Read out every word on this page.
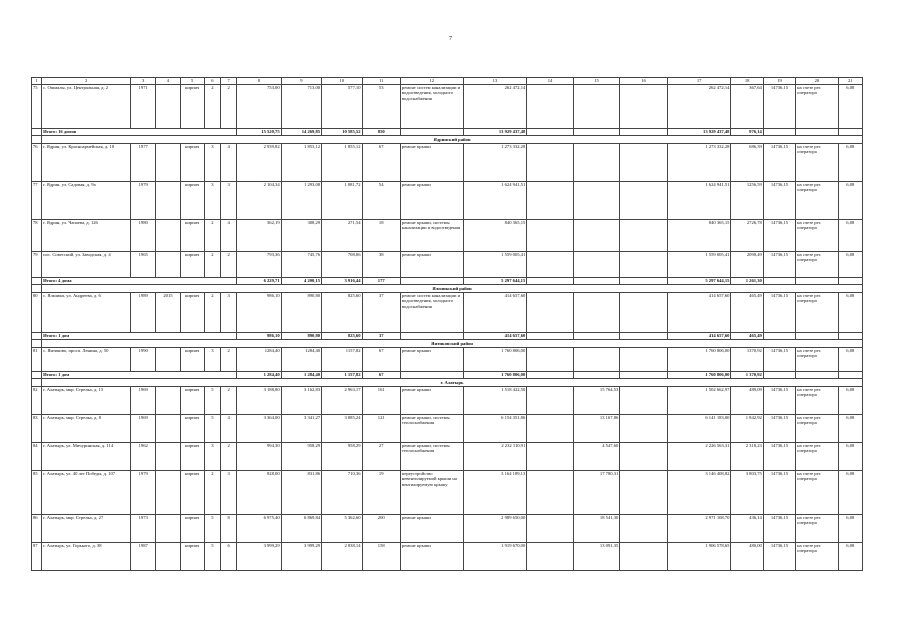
7
1	2	3	4	5	6	7	8	9	10	11	12	13	14	15	16	17	18	19	20	21
75	с. Ошмалы, ул. Центральная, д. 2	1971		кирпич	2	2	753,00	713,00	577,10	53	ремонт систем канализации и водоотведения, холодного водоснабжения	262 472,14				262 472,14	367,64	14736,15	на счете рег. оператора	6,08
	Итого: 16 домов						15 520,75	14 269,85	10 585,52	850		13 929 437,48				13 929 437,48	976,14			
	Ядринский район																			
76	г. Ядрин, ул. Красноармейская, д. 10	1977		кирпич	3	4	2 939,82	1 853,12	1 855,12	67	ремонт крыши	1 273 332,28				1 273 332,28	686,39	14736,15	на счете рег. оператора	6,08
77	г. Ядрин, ул. Садовая, д. 9а	1979		кирпич	3	3	2 104,34	1 293,08	1 081,72	54	ремонт крыши	1 624 941,51				1 624 941,51	1256,59	14736,15	на счете рег. оператора	6,08
78	г. Ядрин, ул. Чапаева, д. 126	1980		кирпич	2	4	362,19	308,29	271,54	18	ремонт крыши, системы канализации и водоотведения	840 365,15				840 365,15	2726,78	14736,15	на счете рег. оператора	6,08
79	пос. Советский, ул. Заводская, д. 4	1965		кирпич	2	2	793,36	745,76	708,06	38	ремонт крыши	1 559 005,41				1 559 005,41	2090,49	14736,15	на счете рег. оператора	6,08
	Итого: 4 дома						6 229,71	4 200,15	3 916,44	177		5 297 644,15				5 297 644,15	1 261,30			
	Яльчикский район																			
80	с. Яльчики, ул. Андреева, д. 6	1989	2015	кирпич	2	3	986,10	890,80	825,60	37	ремонт систем канализации и водоотведения, холодного водоснабжения	414 657,60				414 657,60	465,49	14736,15	на счете рег. оператора	6,08
	Итого: 1 дом						986,10	890,80	825,60	37		414 657,60				414 657,60	465,49			
	Янтиковский район																			
81	с. Янтиково, просп. Ленина, д. 50	1990		кирпич	3	2	1284,40	1284,40	1157,82	67	ремонт крыши	1 760 806,00				1 760 806,00	1370,92	14736,15	на счете рег. оператора	6,08
	Итого: 1 дом						1 284,40	1 284,40	1 157,82	67		1 760 806,00				1 760 806,00	1 370,92			
	г. Алатырь																			
82	г. Алатырь, мкр. Стрелка, д. 15	1969		кирпич	5	2	3 188,80	3 162,83	2 963,17	161	ремонт крыши	1 518 422,50		15 764,53		1 502 662,97	489,09	14736,15	на счете рег. оператора	6,08
83	г. Алатырь, мкр. Стрелка, д. 8	1969		кирпич	5	4	3 364,00	3 341,27	3 085,24	121	ремонт крыши, системы теплоснабжения	6 154 351,86		13 167,86		6 141 183,00	1 842,92	14736,15	на счете рег. оператора	6,08
84	г. Алатырь, ул. Мичуринская, д. 114	1962		кирпич	3	2	994,30	958,29	958,29	27	ремонт крыши, системы теплоснабжения	2 232 110,91		4 547,60		2 226 563,31	2 318,23	14736,15	на счете рег. оператора	6,08
85	г. Алатырь, ул. 40 лет Победы, д. 107	1979		кирпич	2	3	828,00	831,86	710,36	19	переустройство невентилируемой крыши на вентилируемую крышу	3 164 189,13		17 780,31		3 146 408,82	3 803,75	14736,15	на счете рег. оператора	6,08
86	г. Алатырь, мкр. Стрелка, д. 27	1973		кирпич	5	8	6 975,40	6 869,84	5 362,60	200	ремонт крыши	2 989 650,00		18 541,30		2 971 108,70	436,14	14736,15	на счете рег. оператора	6,08
87	г. Алатырь, ул. Горького, д. 38	1987		кирпич	5	6	3 999,29	3 999,29	2 838,14	158	ремонт крыши	1 919 670,00		13 091,35		1 906 578,65	480,00	14736,15	на счете рег. оператора	6,08
